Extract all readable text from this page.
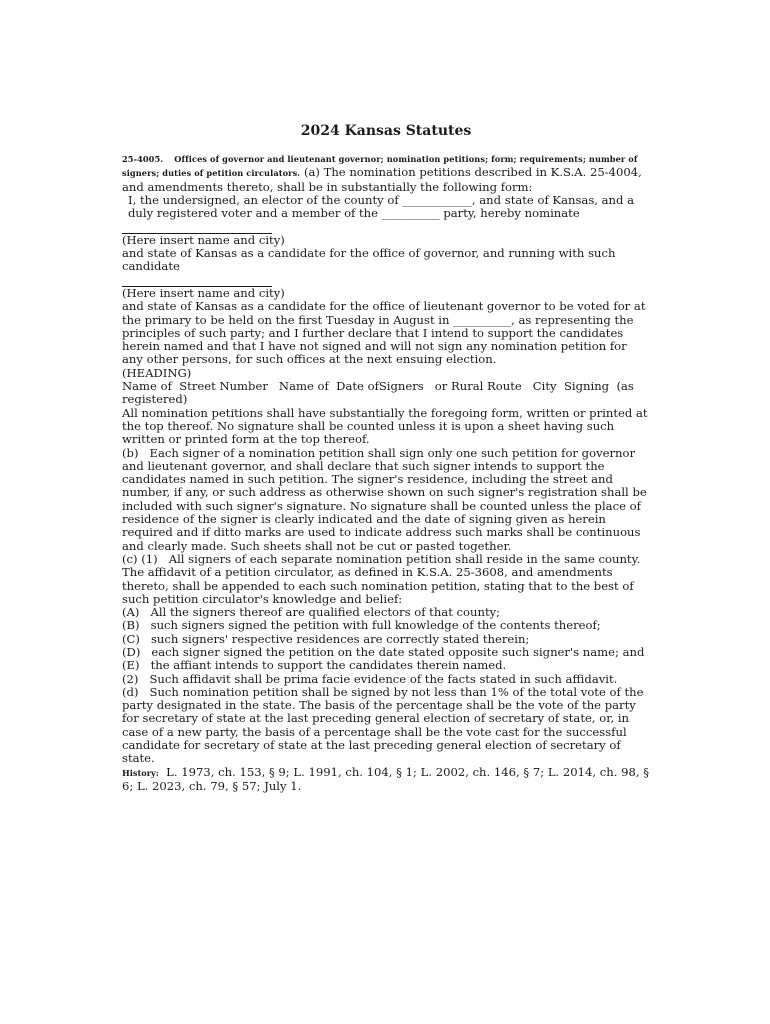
2024 Kansas Statutes

25-4005. Offices of governor and lieutenant governor; nomination petitions; form; requirements; number of signers; duties of petition circulators. (a) The nomination petitions described in K.S.A. 25-4004, and amendments thereto, shall be in substantially the following form:

I, the undersigned, an elector of the county of ____________, and state of Kansas, and a duly registered voter and a member of the __________ party, hereby nominate

(Here insert name and city)

and state of Kansas as a candidate for the office of governor, and running with such candidate

(Here insert name and city)

and state of Kansas as a candidate for the office of lieutenant governor to be voted for at the primary to be held on the first Tuesday in August in __________, as representing the principles of such party; and I further declare that I intend to support the candidates herein named and that I have not signed and will not sign any nomination petition for any other persons, for such offices at the next ensuing election.

(HEADING)

Name of  Street Number   Name of  Date ofSigners   or Rural Route   City  Signing  (as registered)

All nomination petitions shall have substantially the foregoing form, written or printed at the top thereof. No signature shall be counted unless it is upon a sheet having such written or printed form at the top thereof.

(b)   Each signer of a nomination petition shall sign only one such petition for governor and lieutenant governor, and shall declare that such signer intends to support the candidates named in such petition. The signer's residence, including the street and number, if any, or such address as otherwise shown on such signer's registration shall be included with such signer's signature. No signature shall be counted unless the place of residence of the signer is clearly indicated and the date of signing given as herein required and if ditto marks are used to indicate address such marks shall be continuous and clearly made. Such sheets shall not be cut or pasted together.

(c) (1)   All signers of each separate nomination petition shall reside in the same county. The affidavit of a petition circulator, as defined in K.S.A. 25-3608, and amendments thereto, shall be appended to each such nomination petition, stating that to the best of such petition circulator's knowledge and belief:

(A)   All the signers thereof are qualified electors of that county;

(B)   such signers signed the petition with full knowledge of the contents thereof;

(C)   such signers' respective residences are correctly stated therein;

(D)   each signer signed the petition on the date stated opposite such signer's name; and

(E)   the affiant intends to support the candidates therein named.

(2)   Such affidavit shall be prima facie evidence of the facts stated in such affidavit.

(d)   Such nomination petition shall be signed by not less than 1% of the total vote of the party designated in the state. The basis of the percentage shall be the vote of the party for secretary of state at the last preceding general election of secretary of state, or, in case of a new party, the basis of a percentage shall be the vote cast for the successful candidate for secretary of state at the last preceding general election of secretary of state.

History: L. 1973, ch. 153, § 9; L. 1991, ch. 104, § 1; L. 2002, ch. 146, § 7; L. 2014, ch. 98, § 6; L. 2023, ch. 79, § 57; July 1.
